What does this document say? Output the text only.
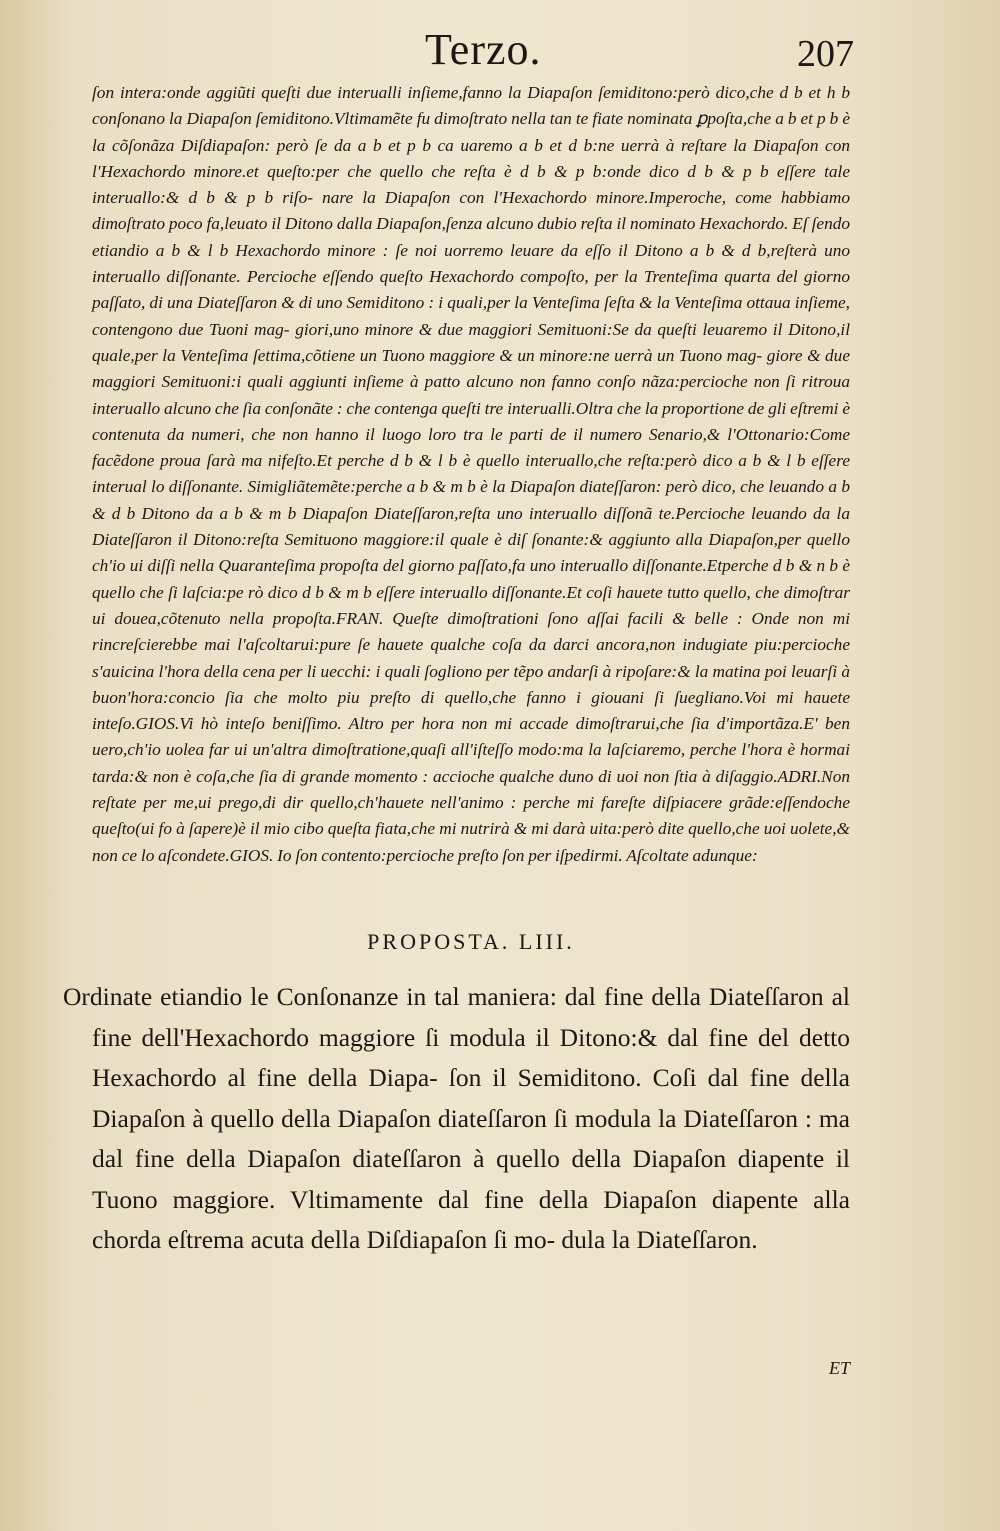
Terzo.	207

ſon intera:onde aggiũti queſti due interualli inſieme,fanno la Diapaſon ſemiditono:però dico,che d b et h b conſonano la Diapaſon ſemiditono.Vltimamẽte fu dimoſtrato nella tan te fiate nominata ꝑpoſta,che a b et p b è la cõſonãza Diſdiapaſon: però ſe da a b et p b ca uaremo a b et d b:ne uerrà à reſtare la Diapaſon con l'Hexachordo minore.et queſto:per che quello che reſta è d b & p b:onde dico d b & p b eſſere tale interuallo:& d b & p b riſo- nare la Diapaſon con l'Hexachordo minore.Imperoche, come habbiamo dimoſtrato poco fa,leuato il Ditono dalla Diapaſon,ſenza alcuno dubio reſta il nominato Hexachordo. Eſ ſendo etiandio a b & l b Hexachordo minore : ſe noi uorremo leuare da eſſo il Ditono a b & d b,reſterà uno interuallo diſſonante. Percioche eſſendo queſto Hexachordo compoſto, per la Trenteſima quarta del giorno paſſato, di una Diateſſaron & di uno Semiditono : i quali,per la Venteſima ſeſta & la Venteſima ottaua inſieme, contengono due Tuoni mag- giori,uno minore & due maggiori Semituoni:Se da queſti leuaremo il Ditono,il quale,per la Venteſima ſettima,cõtiene un Tuono maggiore & un minore:ne uerrà un Tuono mag- giore & due maggiori Semituoni:i quali aggiunti inſieme à patto alcuno non fanno conſo nãza:percioche non ſi ritroua interuallo alcuno che ſia conſonãte : che contenga queſti tre interualli.Oltra che la proportione de gli eſtremi è contenuta da numeri, che non hanno il luogo loro tra le parti de il numero Senario,& l'Ottonario:Come facẽdone proua ſarà ma nifeſto.Et perche d b & l b è quello interuallo,che reſta:però dico a b & l b eſſere interual lo diſſonante. Simigliãtemẽte:perche a b & m b è la Diapaſon diateſſaron: però dico, che leuando a b & d b Ditono da a b & m b Diapaſon Diateſſaron,reſta uno interuallo diſſonã te.Percioche leuando da la Diateſſaron il Ditono:reſta Semituono maggiore:il quale è diſ ſonante:& aggiunto alla Diapaſon,per quello ch'io ui diſſi nella Quaranteſima propoſta del giorno paſſato,fa uno interuallo diſſonante.Etperche d b & n b è quello che ſi laſcia:pe rò dico d b & m b eſſere interuallo diſſonante.Et coſi hauete tutto quello, che dimoſtrar ui douea,cõtenuto nella propoſta.FRAN. Queſte dimoſtrationi ſono aſſai facili & belle : Onde non mi rincreſcierebbe mai l'aſcoltarui:pure ſe hauete qualche coſa da darci ancora,non indugiate piu:percioche s'auicina l'hora della cena per li uecchi: i quali ſogliono per tẽpo andarſi à ripoſare:& la matina poi leuarſi à buon'hora:concio ſia che molto piu preſto di quello,che fanno i giouani ſi ſuegliano.Voi mi hauete inteſo.GIOS.Vi hò inteſo beniſſimo. Altro per hora non mi accade dimoſtrarui,che ſia d'importãza.E' ben uero,ch'io uolea far ui un'altra dimoſtratione,quaſi all'iſteſſo modo:ma la laſciaremo, perche l'hora è hormai tarda:& non è coſa,che ſia di grande momento : accioche qualche duno di uoi non ſtia à diſaggio.ADRI.Non reſtate per me,ui prego,di dir quello,ch'hauete nell'animo : perche mi fareſte diſpiacere grãde:eſſendoche queſto(ui fo à ſapere)è il mio cibo queſta fiata,che mi nutrirà & mi darà uita:però dite quello,che uoi uolete,& non ce lo aſcondete.GIOS. Io ſon contento:percioche preſto ſon per iſpedirmi. Aſcoltate adunque:

PROPOSTA. LIII.

Ordinate etiandio le Conſonanze in tal maniera: dal fine della Diateſſaron al fine dell'Hexachordo maggiore ſi modula il Ditono:& dal fine del detto Hexachordo al fine della Diapa- ſon il Semiditono. Coſi dal fine della Diapaſon à quello della Diapaſon diateſſaron ſi modula la Diateſſaron : ma dal fine della Diapaſon diateſſaron à quello della Diapaſon diapente il Tuono maggiore. Vltimamente dal fine della Diapaſon diapente alla chorda eſtrema acuta della Diſdiapaſon ſi mo- dula la Diateſſaron.

ET
